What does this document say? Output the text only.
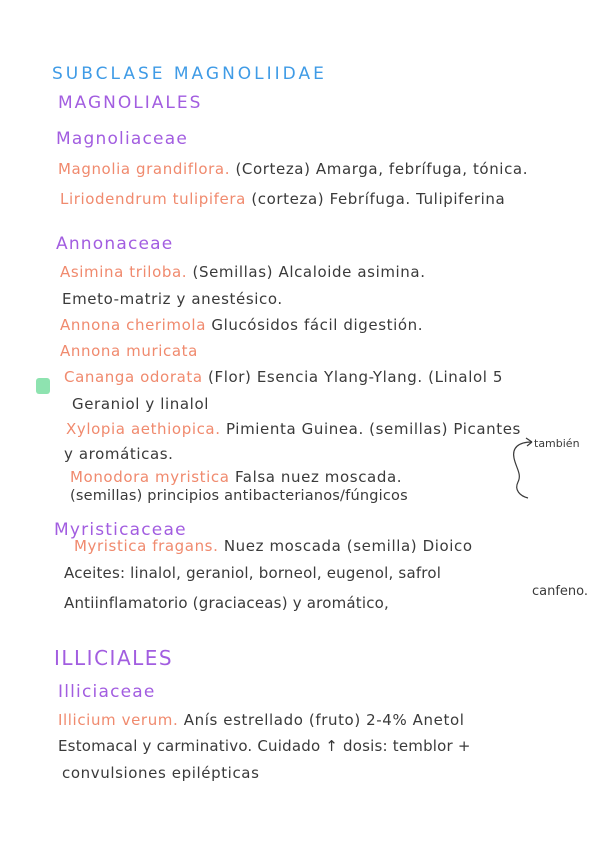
SUBCLASE MAGNOLIIDAE
MAGNOLIALES
Magnoliaceae
Magnolia grandiflora. (Corteza) Amarga, febrífuga, tónica.
Liriodendrum tulipifera (corteza) Febrífuga. Tulipiferina
Annonaceae
Asimina triloba. (Semillas) Alcaloide asimina.
Emeto-matriz y anestésico.
Annona cherimola Glucósidos fácil digestión.
Annona muricata
Cananga odorata (Flor) Esencia Ylang-Ylang. (Linalol 5
Geraniol y linalol
Xylopia aethiopica. Pimienta Guinea. (semillas) Picantes
y aromáticas.
también
Monodora myristica Falsa nuez moscada.
(semillas) principios antibacterianos/fúngicos
Myristicaceae
Myristica fragans. Nuez moscada (semilla) Dioico
Aceites: linalol, geraniol, borneol, eugenol, safrol
canfeno.
Antiinflamatorio (graciaceas) y aromático,
ILLICIALES
Illiciaceae
Illicium verum. Anís estrellado (fruto) 2-4% Anetol
Estomacal y carminativo. Cuidado ↑ dosis: temblor +
convulsiones epilépticas
